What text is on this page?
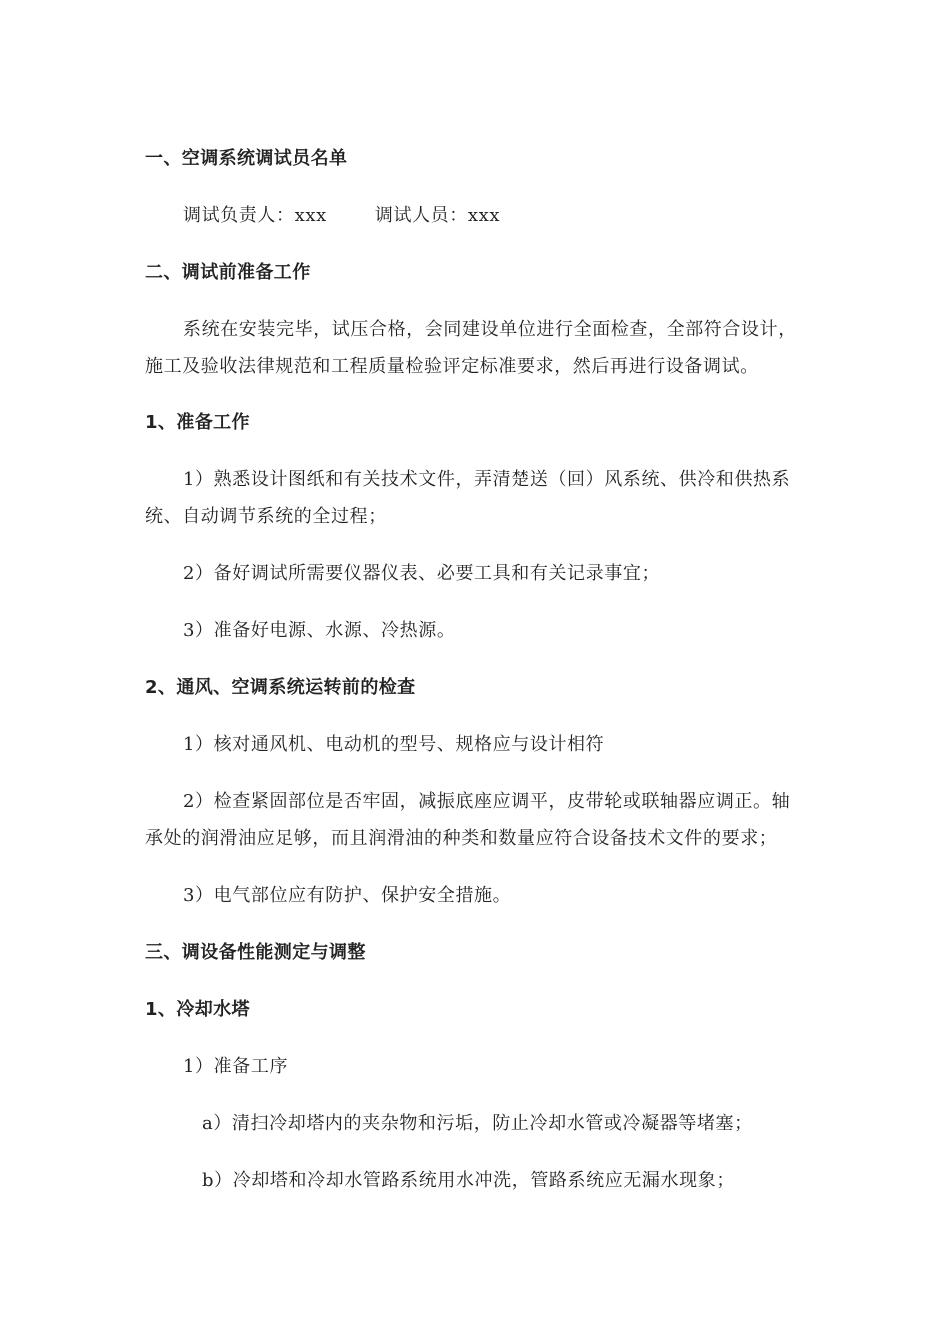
一、空调系统调试员名单
调试负责人：xxx	调试人员：xxx
二、调试前准备工作
系统在安装完毕，试压合格，会同建设单位进行全面检查，全部符合设计，
施工及验收法律规范和工程质量检验评定标准要求，然后再进行设备调试。
1、准备工作
1）熟悉设计图纸和有关技术文件，弄清楚送（回）风系统、供冷和供热系
统、自动调节系统的全过程；
2）备好调试所需要仪器仪表、必要工具和有关记录事宜；
3）准备好电源、水源、冷热源。
2、通风、空调系统运转前的检查
1）核对通风机、电动机的型号、规格应与设计相符
2）检查紧固部位是否牢固，减振底座应调平，皮带轮或联轴器应调正。轴
承处的润滑油应足够，而且润滑油的种类和数量应符合设备技术文件的要求；
3）电气部位应有防护、保护安全措施。
三、调设备性能测定与调整
1、冷却水塔
1）准备工序
a）清扫冷却塔内的夹杂物和污垢，防止冷却水管或冷凝器等堵塞；
b）冷却塔和冷却水管路系统用水冲洗，管路系统应无漏水现象；
